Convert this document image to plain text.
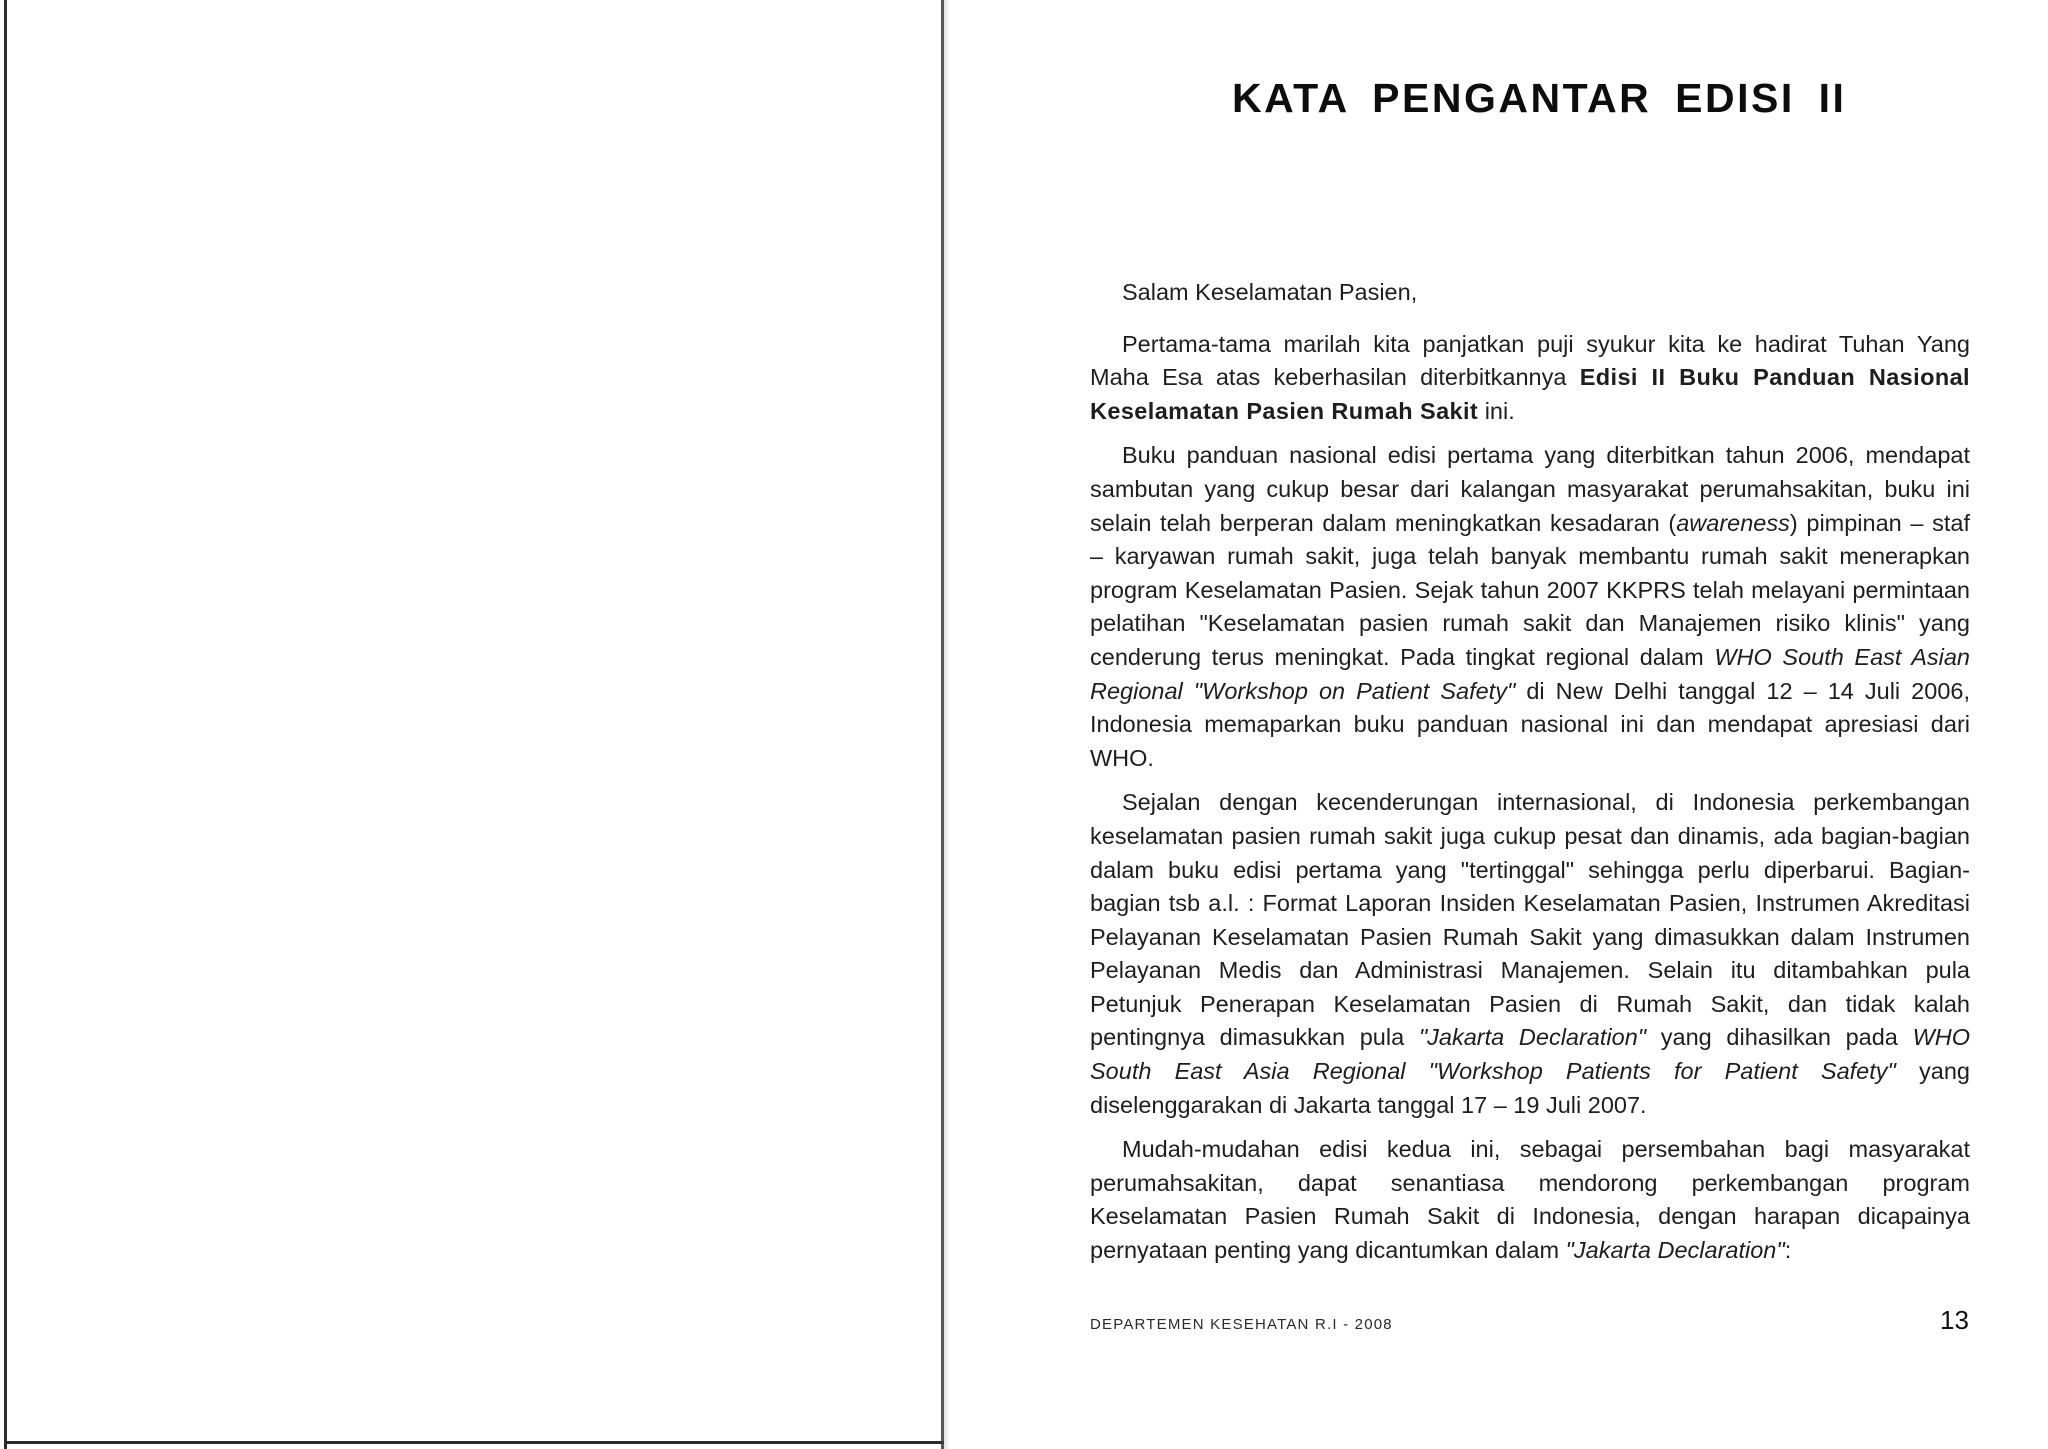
KATA PENGANTAR EDISI II

Salam Keselamatan Pasien,

Pertama-tama marilah kita panjatkan puji syukur kita ke hadirat Tuhan Yang Maha Esa atas keberhasilan diterbitkannya Edisi II Buku Panduan Nasional Keselamatan Pasien Rumah Sakit ini.

Buku panduan nasional edisi pertama yang diterbitkan tahun 2006, mendapat sambutan yang cukup besar dari kalangan masyarakat perumahsakitan, buku ini selain telah berperan dalam meningkatkan kesadaran (awareness) pimpinan – staf – karyawan rumah sakit, juga telah banyak membantu rumah sakit menerapkan program Keselamatan Pasien. Sejak tahun 2007 KKPRS telah melayani permintaan pelatihan "Keselamatan pasien rumah sakit dan Manajemen risiko klinis" yang cenderung terus meningkat. Pada tingkat regional dalam WHO South East Asian Regional "Workshop on Patient Safety" di New Delhi tanggal 12 – 14 Juli 2006, Indonesia memaparkan buku panduan nasional ini dan mendapat apresiasi dari WHO.

Sejalan dengan kecenderungan internasional, di Indonesia perkembangan keselamatan pasien rumah sakit juga cukup pesat dan dinamis, ada bagian-bagian dalam buku edisi pertama yang "tertinggal" sehingga perlu diperbarui. Bagian-bagian tsb a.l. : Format Laporan Insiden Keselamatan Pasien, Instrumen Akreditasi Pelayanan Keselamatan Pasien Rumah Sakit yang dimasukkan dalam Instrumen Pelayanan Medis dan Administrasi Manajemen. Selain itu ditambahkan pula Petunjuk Penerapan Keselamatan Pasien di Rumah Sakit, dan tidak kalah pentingnya dimasukkan pula "Jakarta Declaration" yang dihasilkan pada WHO South East Asia Regional "Workshop Patients for Patient Safety" yang diselenggarakan di Jakarta tanggal 17 – 19 Juli 2007.

Mudah-mudahan edisi kedua ini, sebagai persembahan bagi masyarakat perumahsakitan, dapat senantiasa mendorong perkembangan program Keselamatan Pasien Rumah Sakit di Indonesia, dengan harapan dicapainya pernyataan penting yang dicantumkan dalam "Jakarta Declaration":

DEPARTEMEN KESEHATAN R.I - 2008	13
